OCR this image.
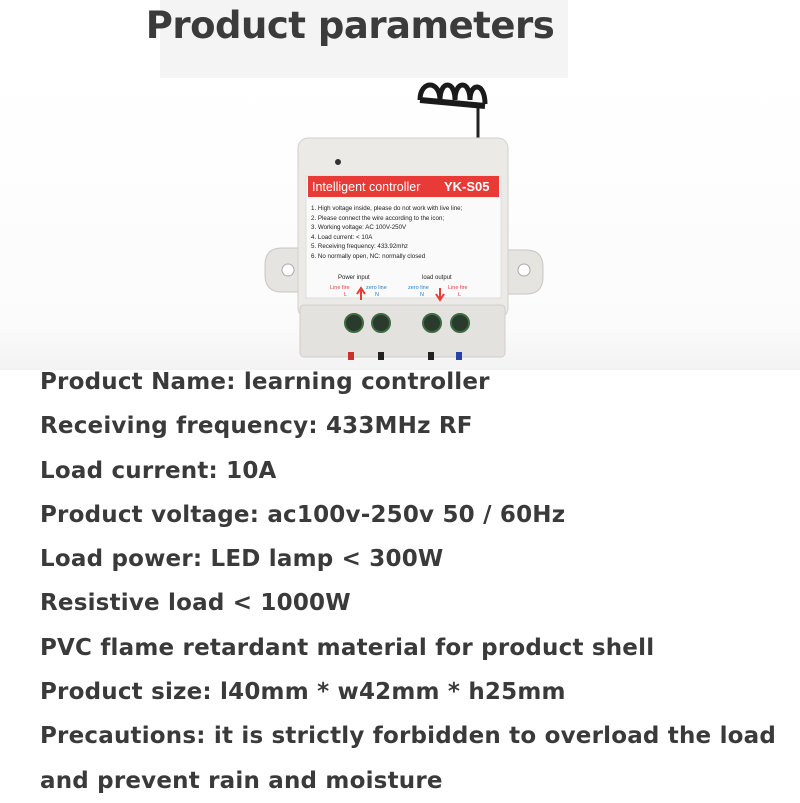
Product parameters
Intelligent controller	YK-S05
1. High voltage inside, please do not work with live line;
2. Please connect the wire according to the icon;
3. Working voltage: AC 100V-250V
4. Load current: < 10A
5. Receiving frequency: 433.92mhz
6. No normally open, NC: normally closed
Power input	load output
Line fire	zero line	zero line	Line fire
L	N	N	L
Product Name: learning controller
Receiving frequency: 433MHz RF
Load current: 10A
Product voltage: ac100v-250v 50 / 60Hz
Load power: LED lamp < 300W
Resistive load < 1000W
PVC flame retardant material for product shell
Product size: l40mm * w42mm * h25mm
Precautions: it is strictly forbidden to overload the load
and prevent rain and moisture
